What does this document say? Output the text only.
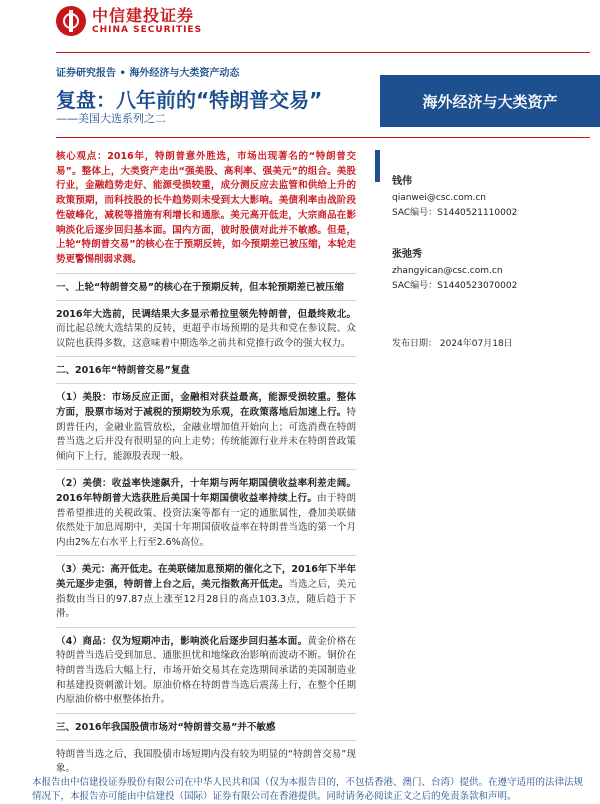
中信建投证券
CHINA SECURITIES
证券研究报告 • 海外经济与大类资产动态
复盘：八年前的“特朗普交易”
——美国大选系列之二
海外经济与大类资产
核心观点：2016年，特朗普意外胜选，市场出现著名的“特朗普交易”。整体上，大类资产走出“强美股、高利率、强美元”的组合。美股行业，金融趋势走好、能源受损较重，成分测反应去监管和供给上升的政策预期，而科技股的长牛趋势则未受到太大影响。美债利率由战阶段性破峰化，减税等措施有利增长和通胀。美元高开低走，大宗商品在影响淡化后逐步回归基本面。国内方面，彼时股债对此并不敏感。但是，上轮“特朗普交易”的核心在于预期反转，如今预期差已被压缩，本轮走势更警惕削弱求测。
一、上轮“特朗普交易”的核心在于预期反转，但本轮预期差已被压缩

2016年大选前，民调结果大多显示希拉里领先特朗普，但最终败北。而比起总统大选结果的反转，更超乎市场预期的是共和党在参议院、众议院也获得多数，这意味着中期选举之前共和党推行政令的强大权力。

二、2016年“特朗普交易”复盘

（1）美股：市场反应正面，金融相对获益最高，能源受损较重。整体方面，股票市场对于减税的预期较为乐观，在政策落地后加速上行。特朗普任内，金融业监管放松，金融业增加值开始向上；可选消费在特朗普当选之后并没有很明显的向上走势；传统能源行业并未在特朗普政策倾向下上行，能源股表现一般。

（2）美债：收益率快速飙升，十年期与两年期国债收益率利差走阔。2016年特朗普大选获胜后美国十年期国债收益率持续上行。由于特朗普希望推进的关税政策、投资法案等都有一定的通胀属性，叠加美联储依然处于加息周期中，美国十年期国债收益率在特朗普当选的第一个月内由2%左右水平上行至2.6%高位。

（3）美元：高开低走。在美联储加息预期的催化之下，2016年下半年美元逐步走强，特朗普上台之后，美元指数高开低走。当选之后，美元指数由当日的97.87点上涨至12月28日的高点103.3点，随后趋于下滑。

（4）商品：仅为短期冲击，影响淡化后逐步回归基本面。黄金价格在特朗普当选后受到加息、通胀担忧和地缘政治影响而波动不断。铜价在特朗普当选后大幅上行，市场开始交易其在竞选期间承诺的美国制造业和基建投资刺激计划。原油价格在特朗普当选后震荡上行，在整个任期内原油价格中枢整体抬升。

三、2016年我国股债市场对“特朗普交易”并不敏感

特朗普当选之后，我国股债市场短期内没有较为明显的“特朗普交易”现象。

钱伟
qianwei@csc.com.cn
SAC编号：S1440521110002
张弛秀
zhangyican@csc.com.cn
SAC编号：S1440523070002
发布日期： 2024年07月18日
本报告由中信建投证券股份有限公司在中华人民共和国（仅为本报告目的，不包括香港、澳门、台湾）提供。在遵守适用的法律法规情况下，本报告亦可能由中信建投（国际）证券有限公司在香港提供。同时请务必阅读正文之后的免责条款和声明。
